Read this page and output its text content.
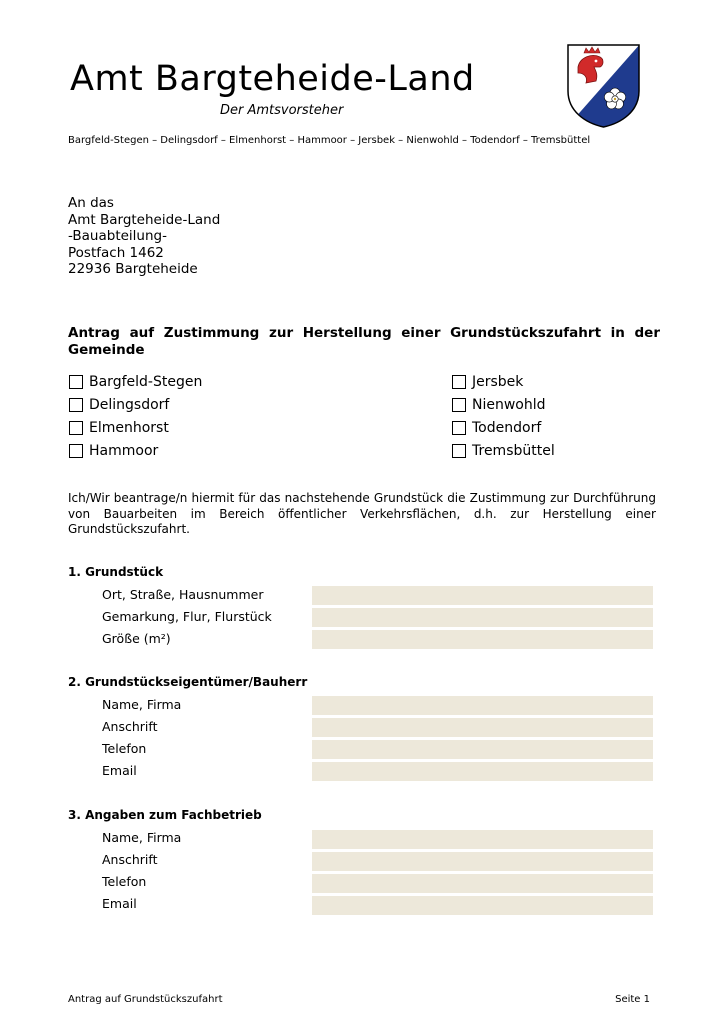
Amt Bargteheide-Land
Der Amtsvorsteher
Bargfeld-Stegen – Delingsdorf – Elmenhorst – Hammoor – Jersbek – Nienwohld – Todendorf – Tremsbüttel
An das
Amt Bargteheide-Land
-Bauabteilung-
Postfach 1462
22936 Bargteheide
Antrag auf Zustimmung zur Herstellung einer Grundstückszufahrt in der Gemeinde
Bargfeld-Stegen
Delingsdorf
Elmenhorst
Hammoor
Jersbek
Nienwohld
Todendorf
Tremsbüttel
Ich/Wir beantrage/n hiermit für das nachstehende Grundstück die Zustimmung zur Durchführung von Bauarbeiten im Bereich öffentlicher Verkehrsflächen, d.h. zur Herstellung einer Grundstückszufahrt.
1. Grundstück
Ort, Straße, Hausnummer
Gemarkung, Flur, Flurstück
Größe (m²)
2. Grundstückseigentümer/Bauherr
Name, Firma
Anschrift
Telefon
Email
3. Angaben zum Fachbetrieb
Name, Firma
Anschrift
Telefon
Email
Antrag auf Grundstückszufahrt	Seite 1
